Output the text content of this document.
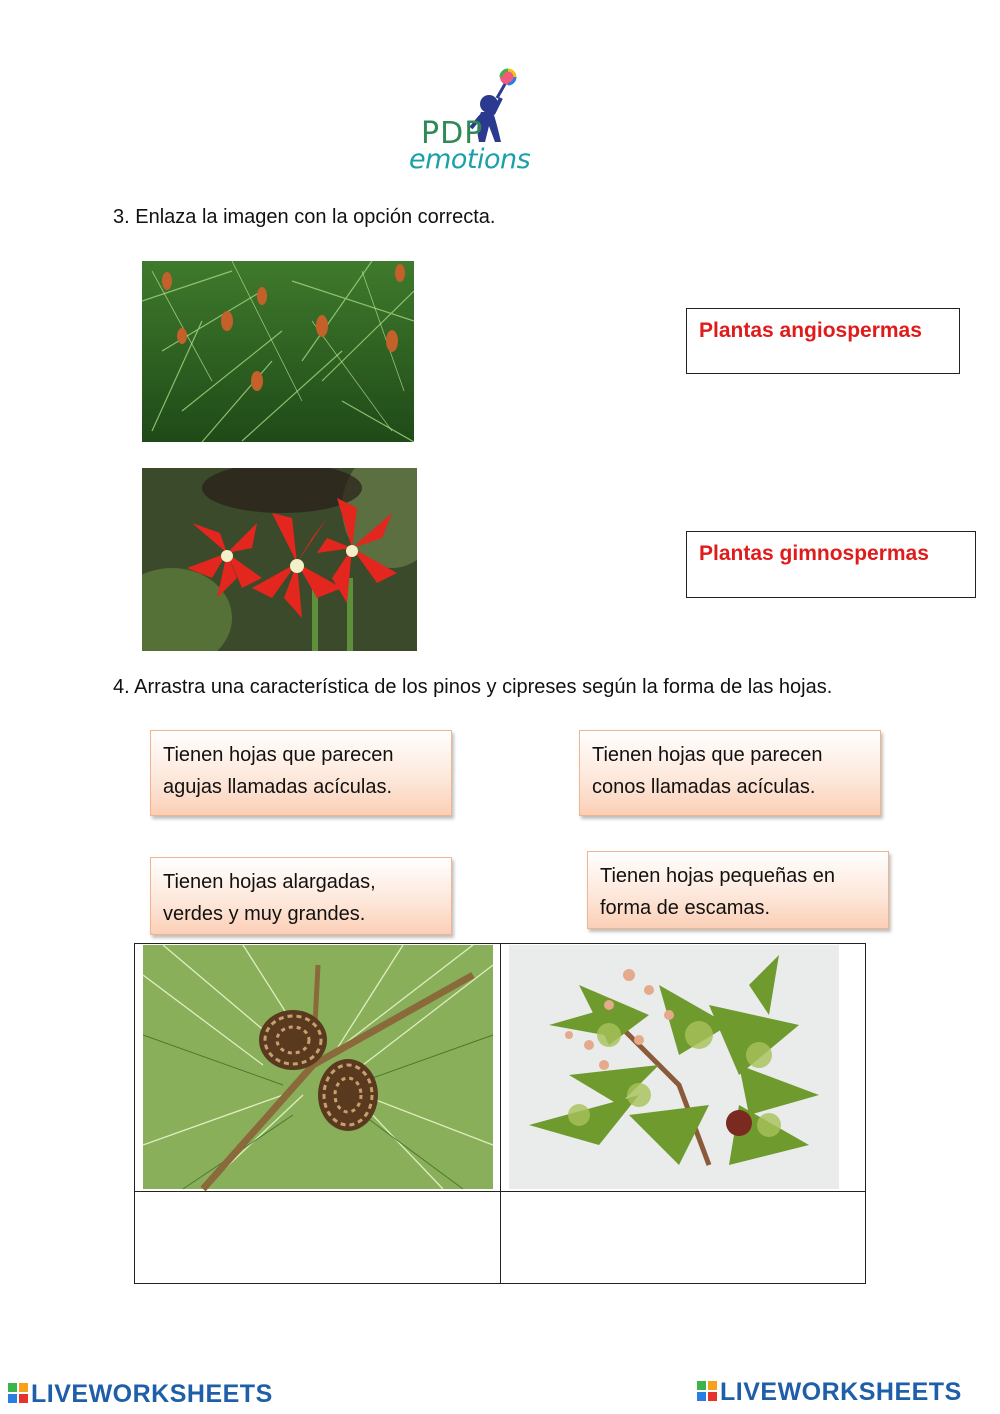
PDP
emotions
3. Enlaza la imagen con la opción correcta.
Plantas angiospermas
Plantas gimnospermas
4. Arrastra una característica de los pinos y cipreses según la forma de las hojas.
Tienen hojas que parecen
agujas llamadas acículas.
Tienen hojas que parecen
conos llamadas acículas.
Tienen hojas alargadas,
verdes y muy grandes.
Tienen hojas pequeñas en
forma de escamas.

LIVEWORKSHEETS	LIVEWORKSHEETS
